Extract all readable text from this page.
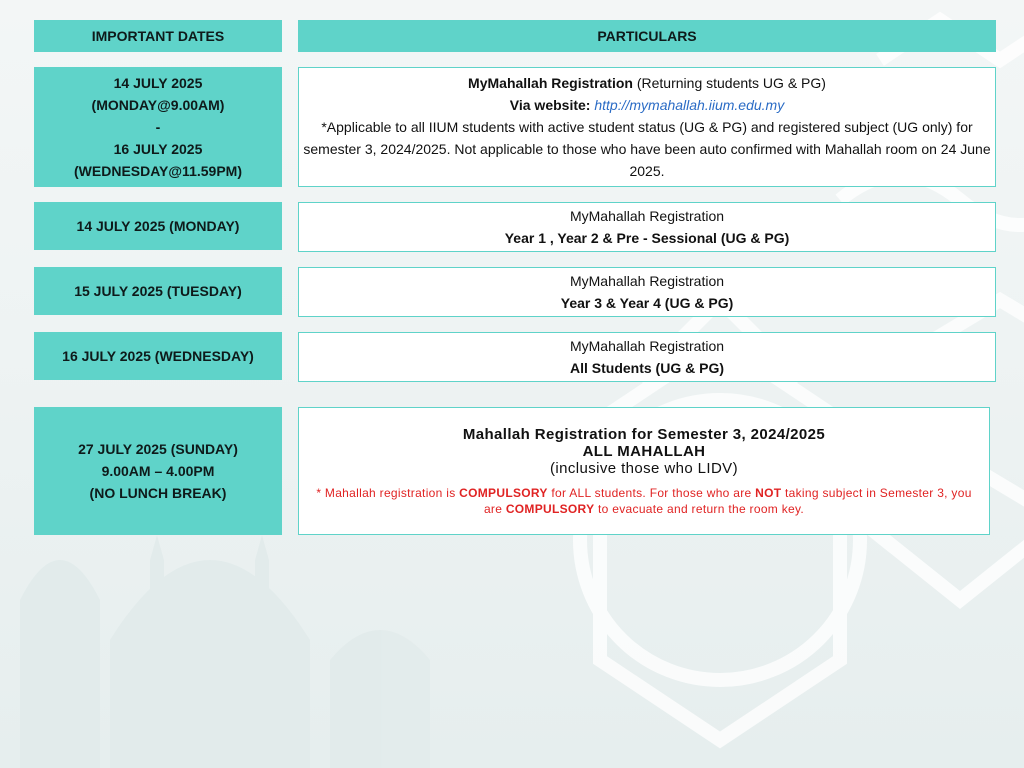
IMPORTANT DATES	PARTICULARS
14 JULY 2025
(MONDAY@9.00AM)
-
16 JULY 2025
(WEDNESDAY@11.59PM)
MyMahallah Registration (Returning students UG & PG)
Via website: http://mymahallah.iium.edu.my
*Applicable to all IIUM students with active student status (UG & PG) and registered subject (UG only) for semester 3, 2024/2025. Not applicable to those who have been auto confirmed with Mahallah room on 24 June 2025.
14 JULY 2025 (MONDAY)
MyMahallah Registration
Year 1 , Year 2 & Pre - Sessional (UG & PG)
15 JULY 2025 (TUESDAY)
MyMahallah Registration
Year 3 & Year 4 (UG & PG)
16 JULY 2025 (WEDNESDAY)
MyMahallah Registration
All Students (UG & PG)
27 JULY 2025 (SUNDAY)
9.00AM – 4.00PM
(NO LUNCH BREAK)
Mahallah Registration for Semester 3, 2024/2025
ALL MAHALLAH
(inclusive those who LIDV)
* Mahallah registration is COMPULSORY for ALL students. For those who are NOT taking subject in Semester 3, you are COMPULSORY to evacuate and return the room key.
